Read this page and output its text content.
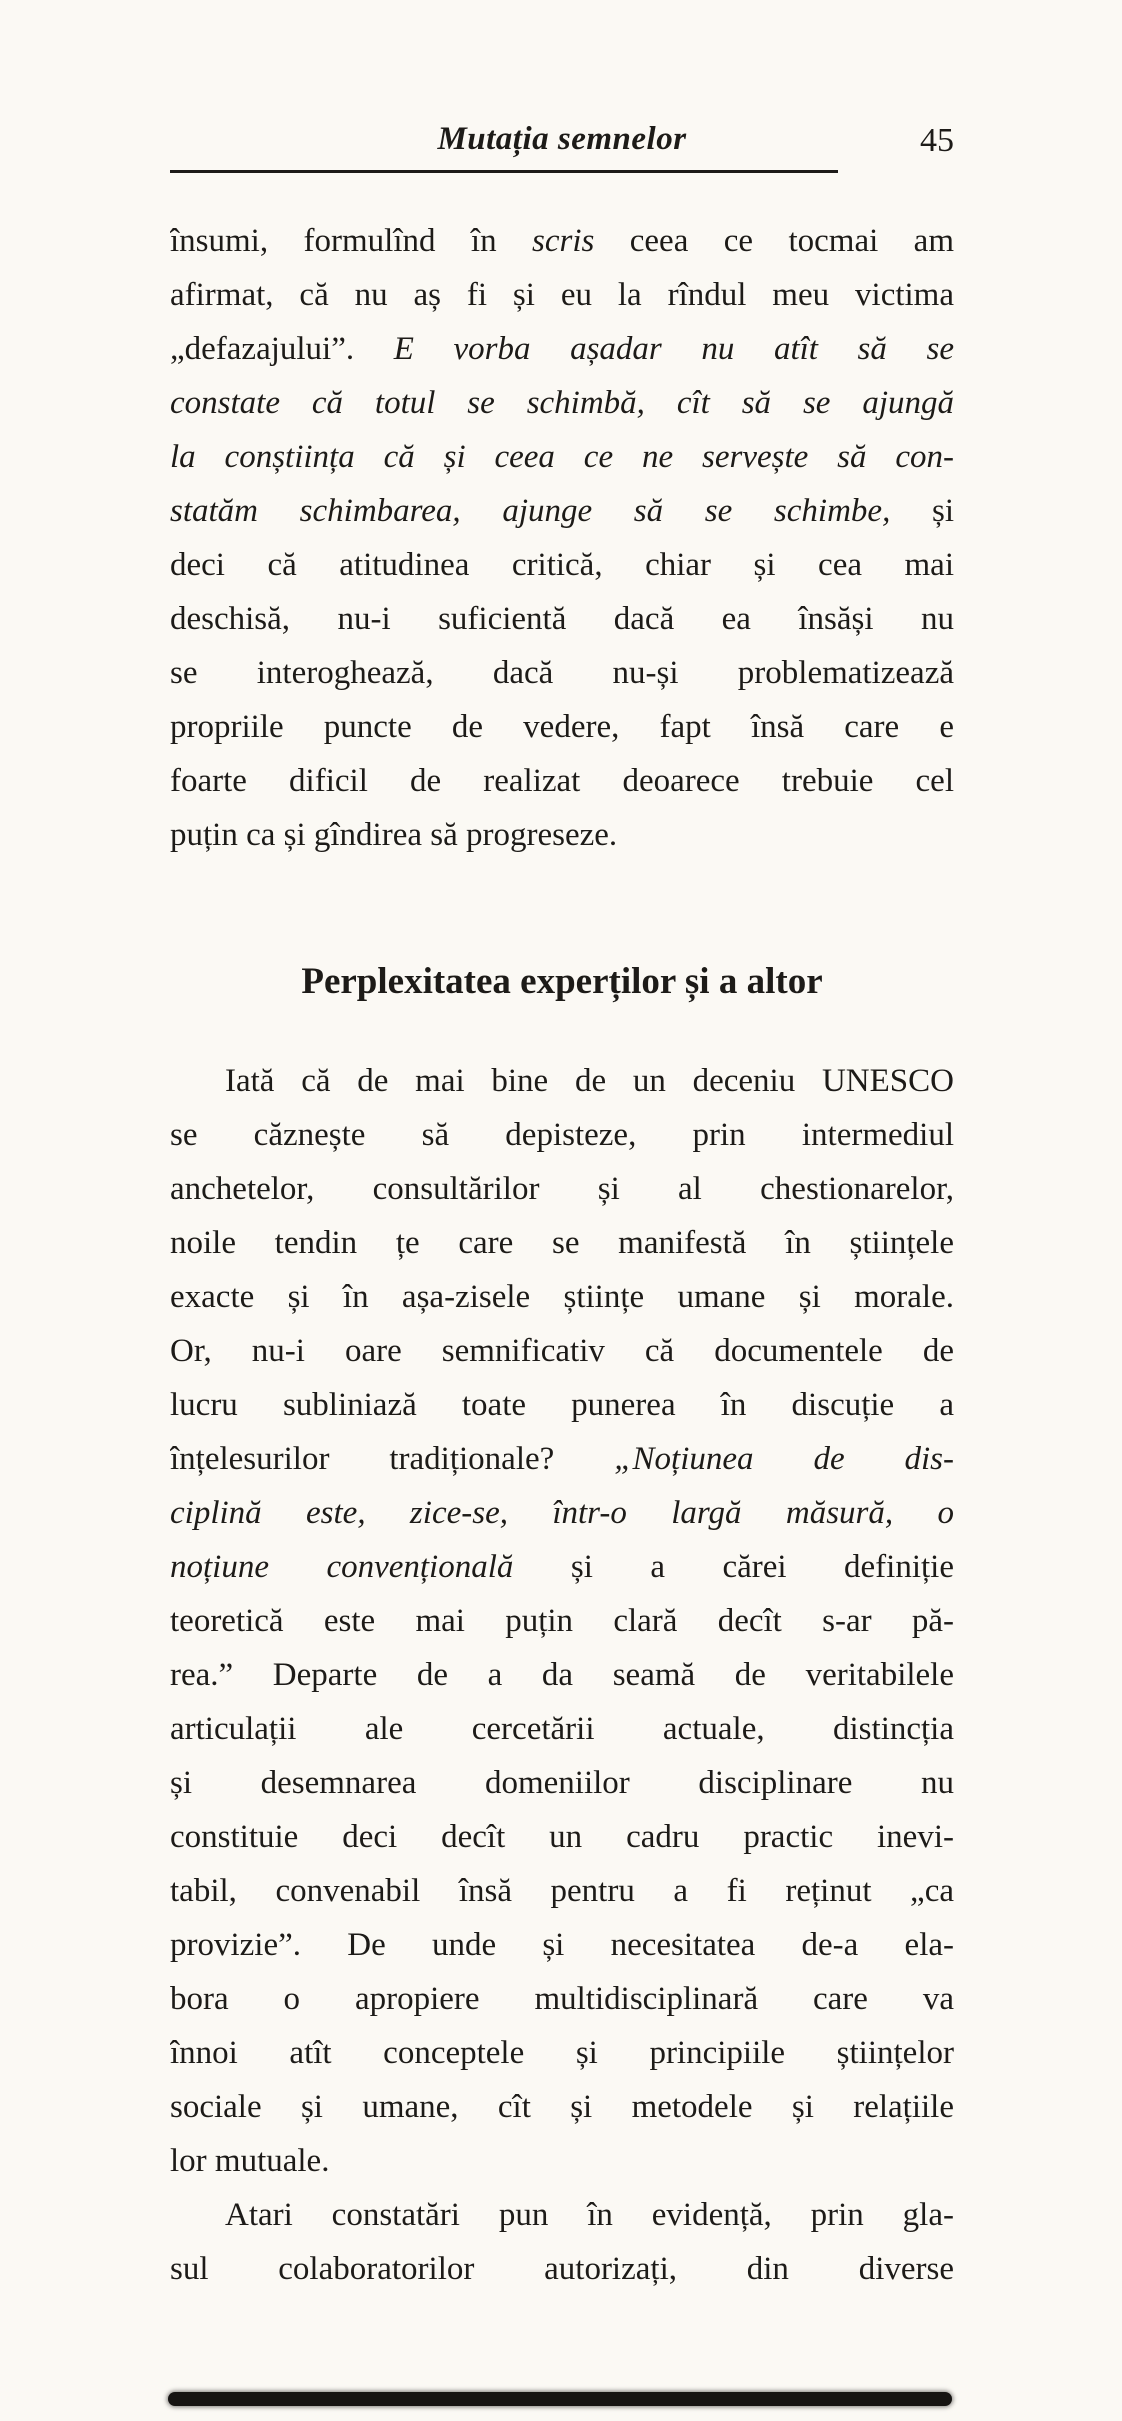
Mutația semnelor	45
însumi, formulînd în scris ceea ce tocmai am
afirmat, că nu aș fi și eu la rîndul meu victima
„defazajului”. E vorba așadar nu atît să se
constate că totul se schimbă, cît să se ajungă
la conștiința că și ceea ce ne servește să con-
statăm schimbarea, ajunge să se schimbe, și
deci că atitudinea critică, chiar și cea mai
deschisă, nu-i suficientă dacă ea însăși nu
se interoghează, dacă nu-și problematizează
propriile puncte de vedere, fapt însă care e
foarte dificil de realizat deoarece trebuie cel
puțin ca și gîndirea să progreseze.
Perplexitatea experților și a altor
Iată că de mai bine de un deceniu UNESCO
se căznește să depisteze, prin intermediul
anchetelor, consultărilor și al chestionarelor,
noile tendin țe care se manifestă în științele
exacte și în așa-zisele științe umane și morale.
Or, nu-i oare semnificativ că documentele de
lucru subliniază toate punerea în discuție a
înțelesurilor tradiționale? „Noțiunea de dis-
ciplină este, zice-se, într-o largă măsură, o
noțiune convențională și a cărei definiție
teoretică este mai puțin clară decît s-ar pă-
rea.” Departe de a da seamă de veritabilele
articulații ale cercetării actuale, distincția
și desemnarea domeniilor disciplinare nu
constituie deci decît un cadru practic inevi-
tabil, convenabil însă pentru a fi reținut „ca
provizie”. De unde și necesitatea de-a ela-
bora o apropiere multidisciplinară care va
înnoi atît conceptele și principiile științelor
sociale și umane, cît și metodele și relațiile
lor mutuale.
Atari constatări pun în evidență, prin gla-
sul colaboratorilor autorizați, din diverse
